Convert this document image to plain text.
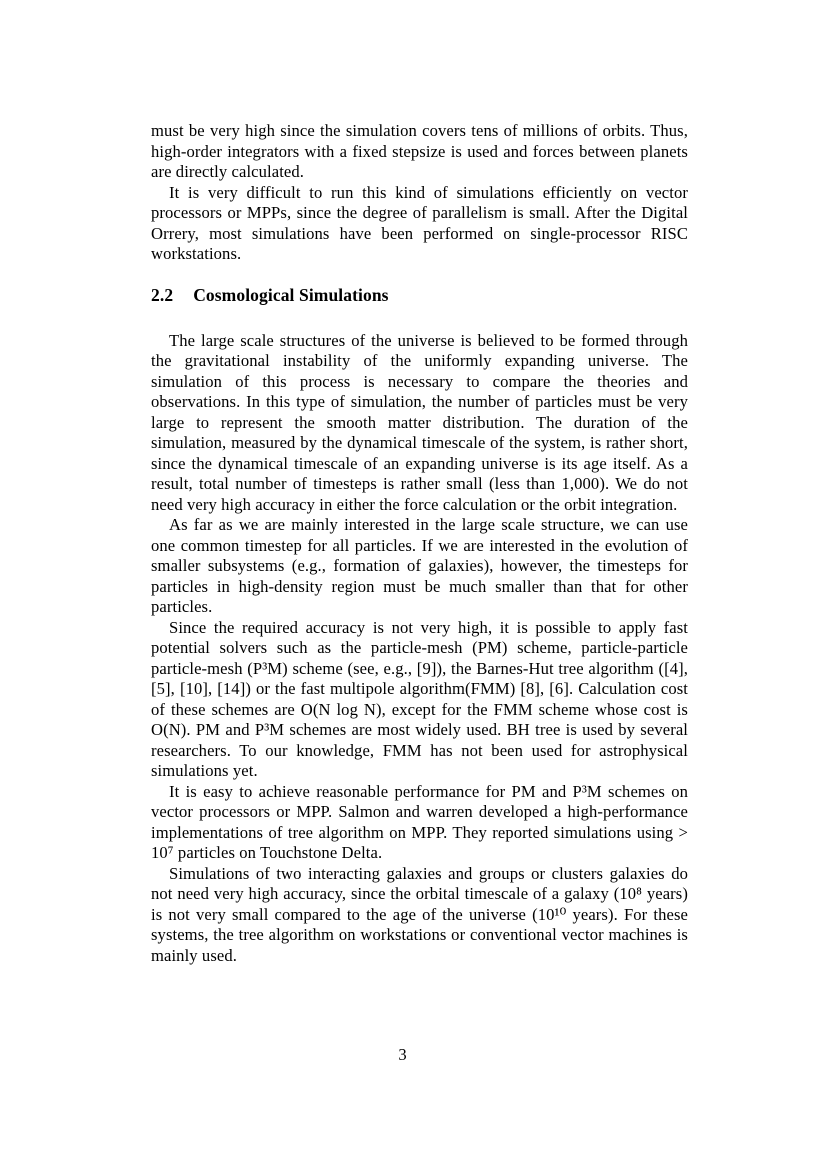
must be very high since the simulation covers tens of millions of orbits. Thus, high-order integrators with a fixed stepsize is used and forces between planets are directly calculated.

It is very difficult to run this kind of simulations efficiently on vector processors or MPPs, since the degree of parallelism is small. After the Digital Orrery, most simulations have been performed on single-processor RISC workstations.

2.2 Cosmological Simulations

The large scale structures of the universe is believed to be formed through the gravitational instability of the uniformly expanding universe. The simulation of this process is necessary to compare the theories and observations. In this type of simulation, the number of particles must be very large to represent the smooth matter distribution. The duration of the simulation, measured by the dynamical timescale of the system, is rather short, since the dynamical timescale of an expanding universe is its age itself. As a result, total number of timesteps is rather small (less than 1,000). We do not need very high accuracy in either the force calculation or the orbit integration.

As far as we are mainly interested in the large scale structure, we can use one common timestep for all particles. If we are interested in the evolution of smaller subsystems (e.g., formation of galaxies), however, the timesteps for particles in high-density region must be much smaller than that for other particles.

Since the required accuracy is not very high, it is possible to apply fast potential solvers such as the particle-mesh (PM) scheme, particle-particle particle-mesh (P³M) scheme (see, e.g., [9]), the Barnes-Hut tree algorithm ([4], [5], [10], [14]) or the fast multipole algorithm(FMM) [8], [6]. Calculation cost of these schemes are O(N log N), except for the FMM scheme whose cost is O(N). PM and P³M schemes are most widely used. BH tree is used by several researchers. To our knowledge, FMM has not been used for astrophysical simulations yet.

It is easy to achieve reasonable performance for PM and P³M schemes on vector processors or MPP. Salmon and warren developed a high-performance implementations of tree algorithm on MPP. They reported simulations using > 10⁷ particles on Touchstone Delta.

Simulations of two interacting galaxies and groups or clusters galaxies do not need very high accuracy, since the orbital timescale of a galaxy (10⁸ years) is not very small compared to the age of the universe (10¹⁰ years). For these systems, the tree algorithm on workstations or conventional vector machines is mainly used.

3
